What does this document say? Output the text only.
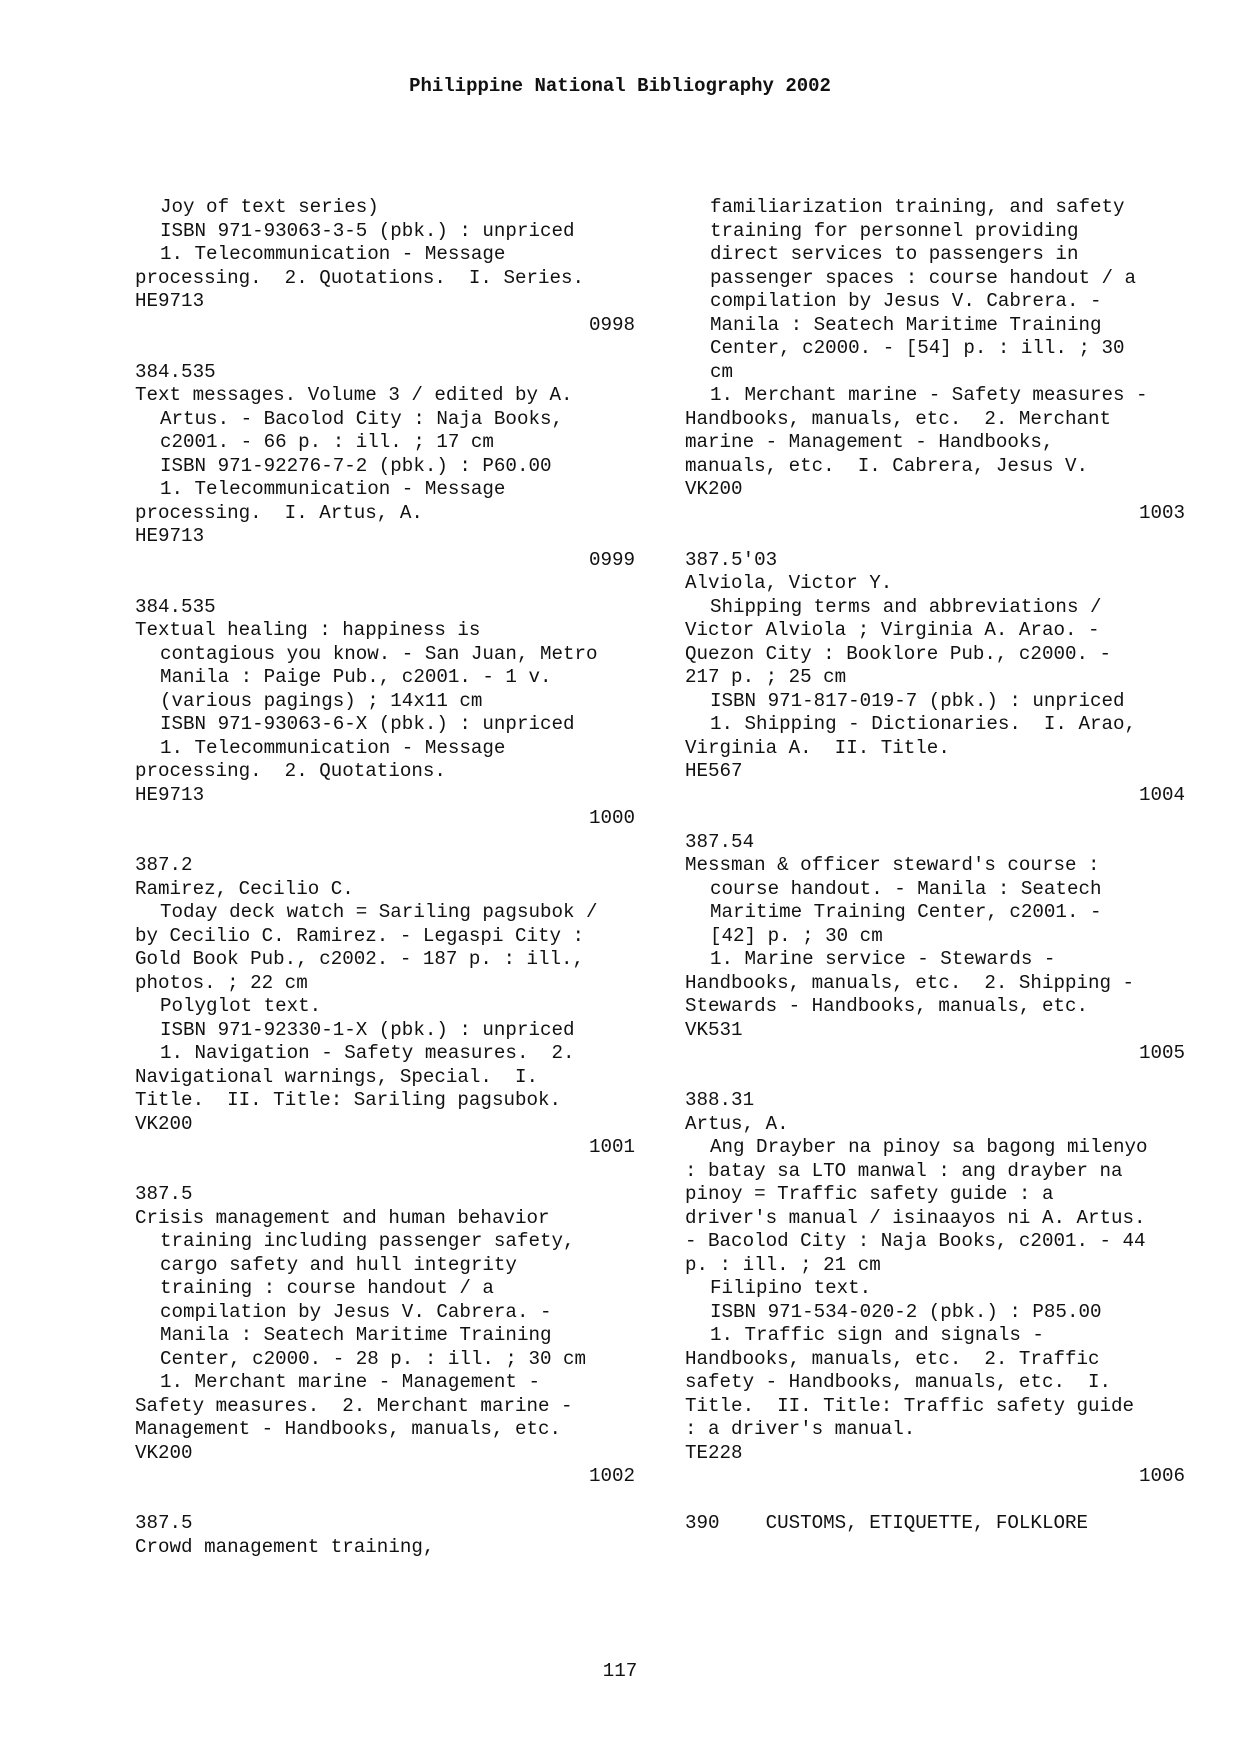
Philippine National Bibliography 2002
Joy of text series)
ISBN 971-93063-3-5 (pbk.) : unpriced
1. Telecommunication - Message
processing.  2. Quotations.  I. Series.
HE9713
0998
384.535
Text messages. Volume 3 / edited by A.
Artus. - Bacolod City : Naja Books,
c2001. - 66 p. : ill. ; 17 cm
ISBN 971-92276-7-2 (pbk.) : P60.00
1. Telecommunication - Message
processing.  I. Artus, A.
HE9713
0999
384.535
Textual healing : happiness is
contagious you know. - San Juan, Metro
Manila : Paige Pub., c2001. - 1 v.
(various pagings) ; 14x11 cm
ISBN 971-93063-6-X (pbk.) : unpriced
1. Telecommunication - Message
processing.  2. Quotations.
HE9713
1000
387.2
Ramirez, Cecilio C.
Today deck watch = Sariling pagsubok /
by Cecilio C. Ramirez. - Legaspi City :
Gold Book Pub., c2002. - 187 p. : ill.,
photos. ; 22 cm
Polyglot text.
ISBN 971-92330-1-X (pbk.) : unpriced
1. Navigation - Safety measures.  2.
Navigational warnings, Special.  I.
Title.  II. Title: Sariling pagsubok.
VK200
1001
387.5
Crisis management and human behavior
training including passenger safety,
cargo safety and hull integrity
training : course handout / a
compilation by Jesus V. Cabrera. -
Manila : Seatech Maritime Training
Center, c2000. - 28 p. : ill. ; 30 cm
1. Merchant marine - Management -
Safety measures.  2. Merchant marine -
Management - Handbooks, manuals, etc.
VK200
1002
387.5
Crowd management training,
familiarization training, and safety
training for personnel providing
direct services to passengers in
passenger spaces : course handout / a
compilation by Jesus V. Cabrera. -
Manila : Seatech Maritime Training
Center, c2000. - [54] p. : ill. ; 30
cm
1. Merchant marine - Safety measures -
Handbooks, manuals, etc.  2. Merchant
marine - Management - Handbooks,
manuals, etc.  I. Cabrera, Jesus V.
VK200
1003
387.5'03
Alviola, Victor Y.
Shipping terms and abbreviations /
Victor Alviola ; Virginia A. Arao. -
Quezon City : Booklore Pub., c2000. -
217 p. ; 25 cm
ISBN 971-817-019-7 (pbk.) : unpriced
1. Shipping - Dictionaries.  I. Arao,
Virginia A.  II. Title.
HE567
1004
387.54
Messman & officer steward's course :
course handout. - Manila : Seatech
Maritime Training Center, c2001. -
[42] p. ; 30 cm
1. Marine service - Stewards -
Handbooks, manuals, etc.  2. Shipping -
Stewards - Handbooks, manuals, etc.
VK531
1005
388.31
Artus, A.
Ang Drayber na pinoy sa bagong milenyo
: batay sa LTO manwal : ang drayber na
pinoy = Traffic safety guide : a
driver's manual / isinaayos ni A. Artus.
- Bacolod City : Naja Books, c2001. - 44
p. : ill. ; 21 cm
Filipino text.
ISBN 971-534-020-2 (pbk.) : P85.00
1. Traffic sign and signals -
Handbooks, manuals, etc.  2. Traffic
safety - Handbooks, manuals, etc.  I.
Title.  II. Title: Traffic safety guide
: a driver's manual.
TE228
1006
390    CUSTOMS, ETIQUETTE, FOLKLORE
117
